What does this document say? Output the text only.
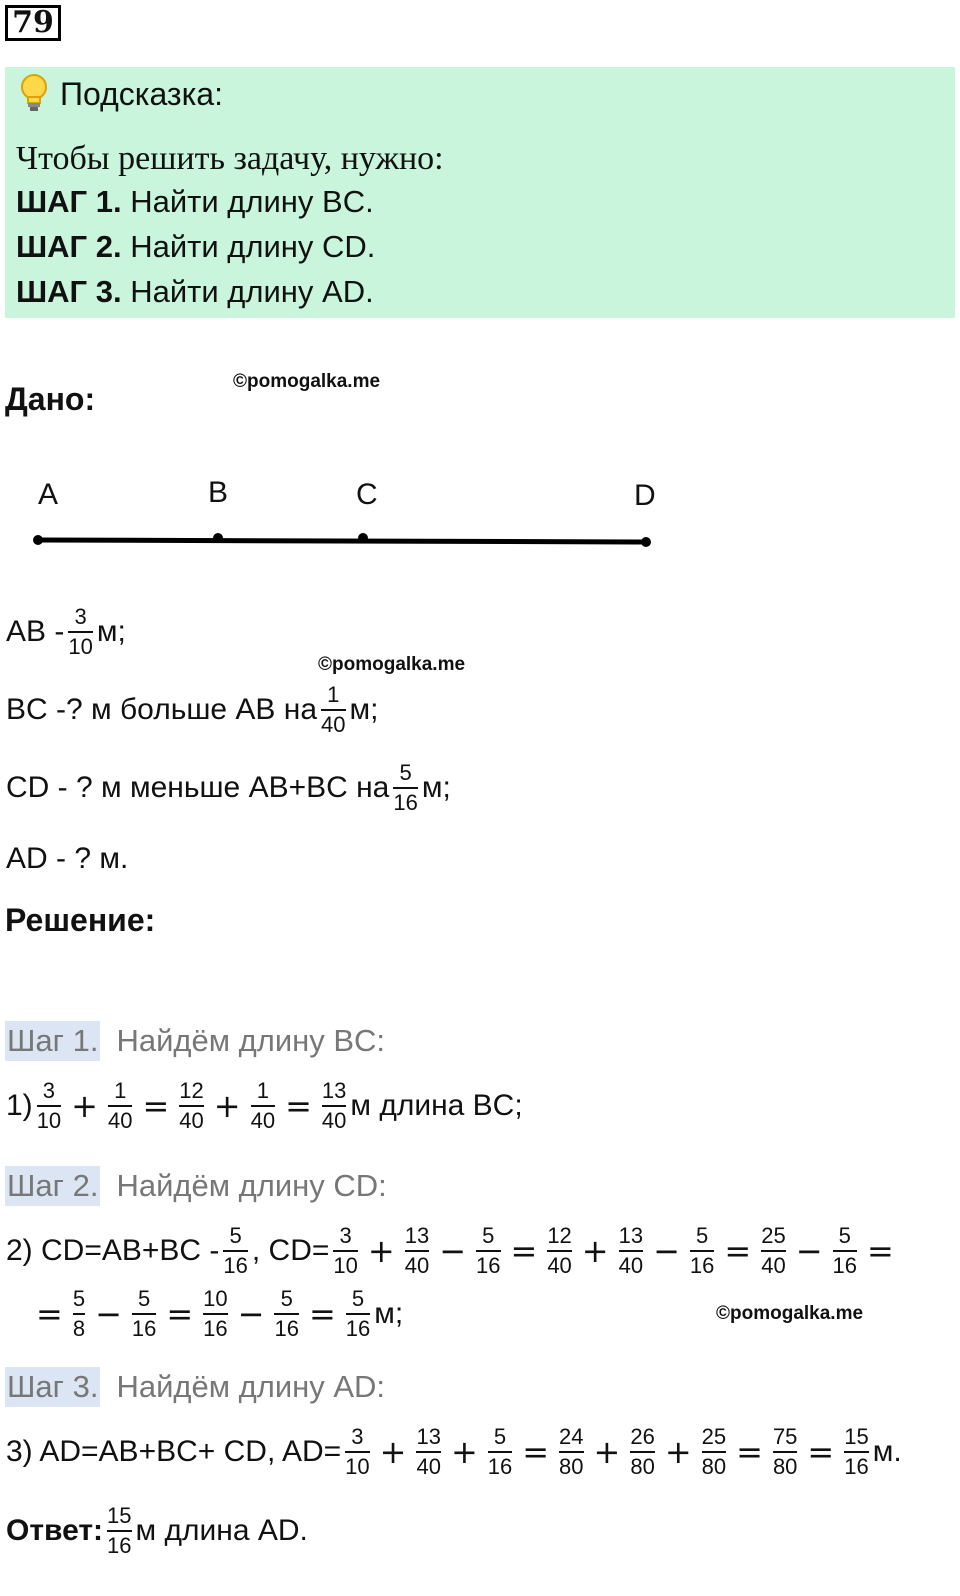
79
Подсказка:
Чтобы решить задачу, нужно:
ШАГ 1. Найти длину BC.
ШАГ 2. Найти длину CD.
ШАГ 3. Найти длину AD.
Дано:	©pomogalka.me
A	B	C	D
AB - $\frac{3}{10} м$;
©pomogalka.me
BC -? м больше AB на $\frac{1}{40} м$;
CD - ? м меньше AB+BC на $\frac{5}{16} м$;
AD - ? м.
Решение:
Шаг 1. Найдём длину BC:
$1) \frac{3}{10} + \frac{1}{40} = \frac{12}{40} + \frac{1}{40} = \frac{13}{40}$ м длина BC;
Шаг 2. Найдём длину CD:
2) $CD=AB+BC - \frac{5}{16}$ , $CD= \frac{3}{10} + \frac{13}{40} - \frac{5}{16} = \frac{12}{40} + \frac{13}{40} - \frac{5}{16} = \frac{25}{40} - \frac{5}{16}$ =
= $\frac{5}{8} - \frac{5}{16} = \frac{10}{16} - \frac{5}{16} = \frac{5}{16} м$;	©pomogalka.me
Шаг 3. Найдём длину AD:
3) AD=AB+BC+ CD, $AD= \frac{3}{10} + \frac{13}{40} + \frac{5}{16} = \frac{24}{80} + \frac{26}{80} + \frac{25}{80} = \frac{75}{80} = \frac{15}{16} м$.
Ответ: $\frac{15}{16}$ м длина AD.
